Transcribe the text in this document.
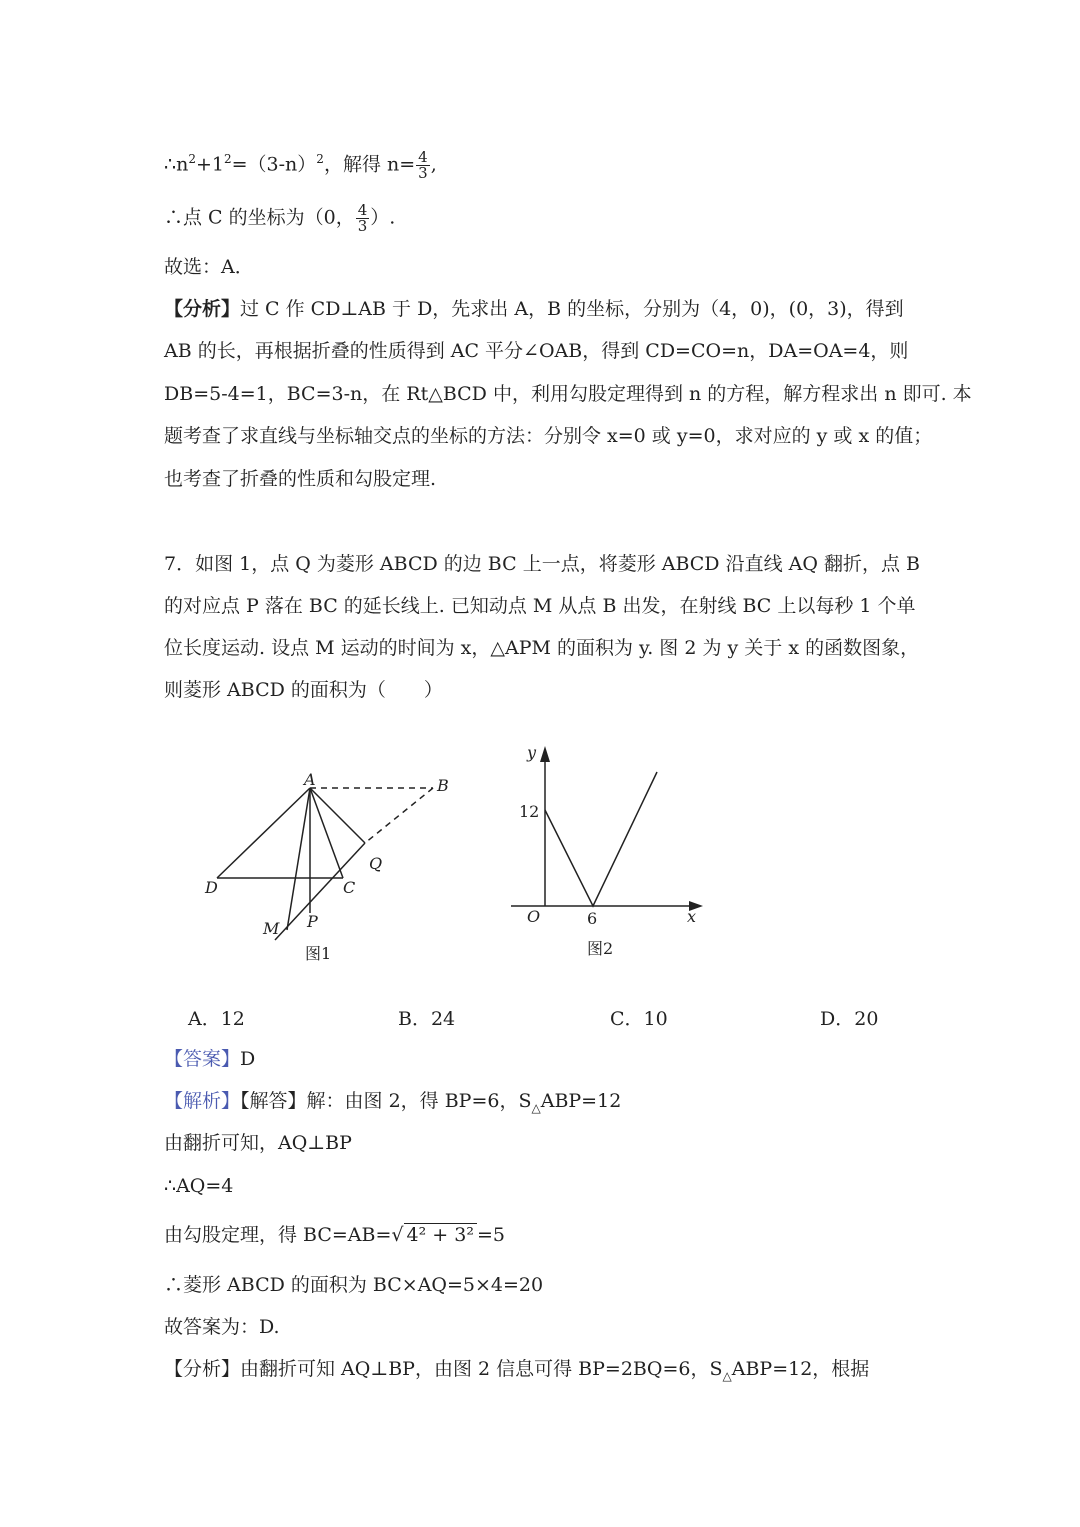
$\therefore n^2+1^2=(3-n)^2$，解得 $n= \frac{4}{3}$ ,
∴点 C 的坐标为（0， $\frac{4}{3}$ ）.
故选：A．
【分析】过 C 作 CD⊥AB 于 D，先求出 A，B 的坐标，分别为（4，0)，(0，3)，得到
AB 的长，再根据折叠的性质得到 AC 平分∠OAB，得到 CD=CO=n，DA=OA=4，则
DB=5-4=1，BC=3-n，在 Rt△BCD 中，利用勾股定理得到 n 的方程，解方程求出 n 即可. 本
题考查了求直线与坐标轴交点的坐标的方法：分别令 x=0 或 y=0，求对应的 y 或 x 的值；
也考查了折叠的性质和勾股定理.
7．如图 1，点 Q 为菱形 ABCD 的边 BC 上一点，将菱形 ABCD 沿直线 AQ 翻折，点 B
的对应点 P 落在 BC 的延长线上. 已知动点 M 从点 B 出发，在射线 BC 上以每秒 1 个单
位长度运动. 设点 M 运动的时间为 x，△APM 的面积为 y. 图 2 为 y 关于 x 的函数图象，
则菱形 ABCD 的面积为（　　）
A	B
C
D
Q
M P
图1
y
x
O
12
6
图2
A．12	B．24	C．10	D．20
【答案】D
【解析】【解答】解：由图 2，得 BP=6，$S_\triangle ABP=12$
由翻折可知，AQ⊥BP
∴AQ=4
由勾股定理，得 BC=AB=√ 4² + 3² =5
∴菱形 ABCD 的面积为 BC×AQ=5×4=20
故答案为：D.
【分析】由翻折可知 AQ⊥BP，由图 2 信息可得 BP=2BQ=6，$S_\triangle ABP=12$，根据
